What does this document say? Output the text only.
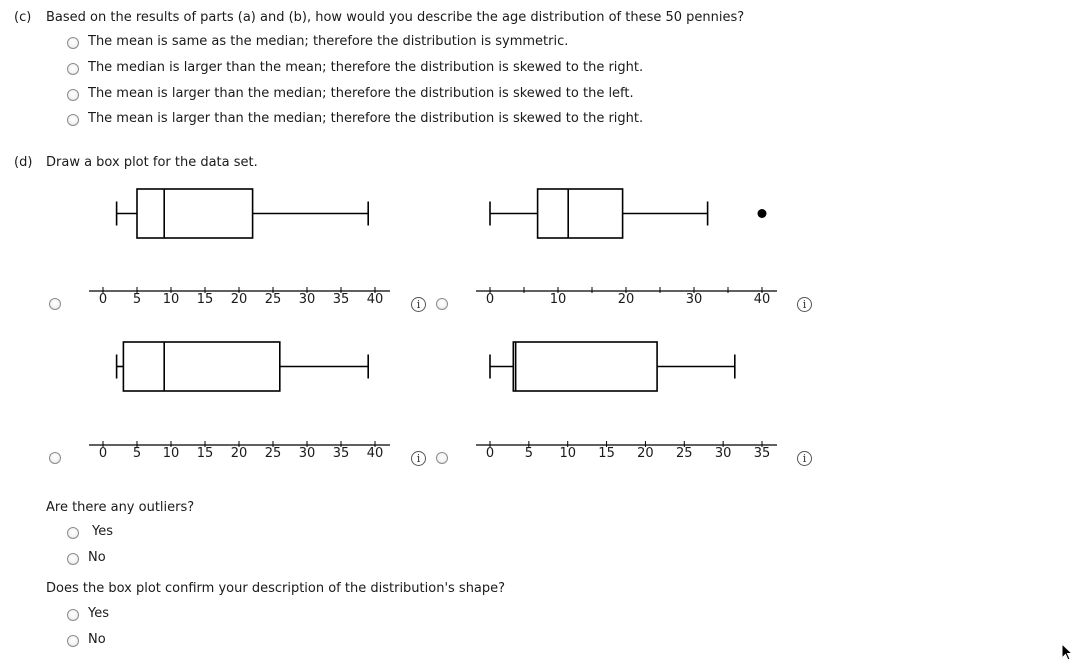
(c) Based on the results of parts (a) and (b), how would you describe the age distribution of these 50 pennies?
The mean is same as the median; therefore the distribution is symmetric.
The median is larger than the mean; therefore the distribution is skewed to the right.
The mean is larger than the median; therefore the distribution is skewed to the left.
The mean is larger than the median; therefore the distribution is skewed to the right.
(d) Draw a box plot for the data set.
0 5 10 15 20 25 30 35 40	i	0	10	20	30	40	i
0 5 10 15 20 25 30 35 40	i	0 5 10 15 20 25 30 35	i
Are there any outliers?
Yes
No
Does the box plot confirm your description of the distribution's shape?
Yes
No
